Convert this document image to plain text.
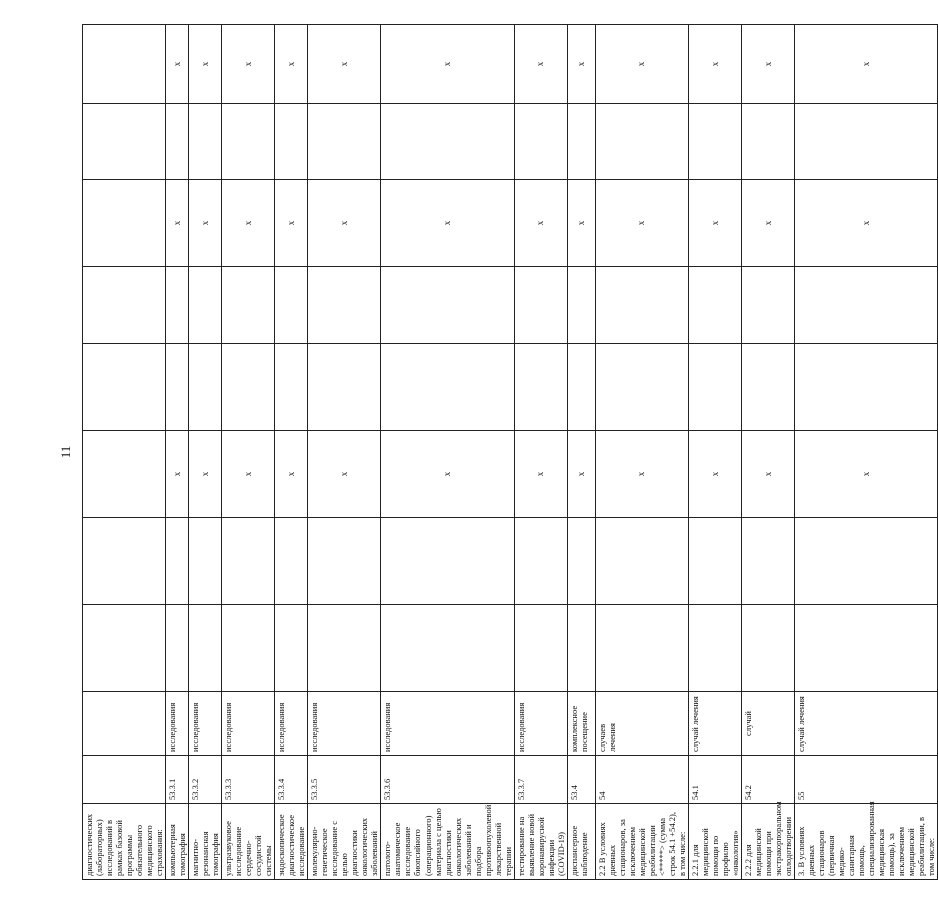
11
диагностических (лабораторных) исследований в рамках базовой программы обязательного медицинского страхования:										
компьютерная томография	53.3.1	исследования			х			х		х
магнитно-резонансная томография	53.3.2	исследования			х			х		х
ультразвуковое исследование сердечно-сосудистой системы	53.3.3	исследования			х			х		х
эндоскопическое диагностическое исследование	53.3.4	исследования			х			х		х
молекулярно-генетическое исследование с целью диагностики онкологических заболеваний	53.3.5	исследования			х			х		х
патолого-анатомическое исследование биопсийного (операционного) материала с целью диагностики онкологических заболеваний и подбора противоопухолевой лекарственной терапии	53.3.6	исследования			х			х		х
тестирование на выявление новой коронавирусной инфекции (COVID-19)	53.3.7	исследования			х			х		х
диспансерное наблюдение	53.4	комплексное посещение			х			х		х
2.2 В условиях дневных стационаров, за исключением медицинской реабилитации <*****> (сумма строк 54.1 +54.2), в том числе:	54	случаев лечения			х			х		х
2.2.1 для медицинской помощи по профилю «онкология»	54.1	случай лечения			х			х		х
2.2.2 для медицинской помощи при экстракорпоральном оплодотворении	54.2	случай			х			х		х
3. В условиях дневных стационаров (первичная медико-санитарная помощь, специализированная медицинская помощь), за исключением медицинской реабилитации, в том числе:	55	случай лечения			х			х		х
